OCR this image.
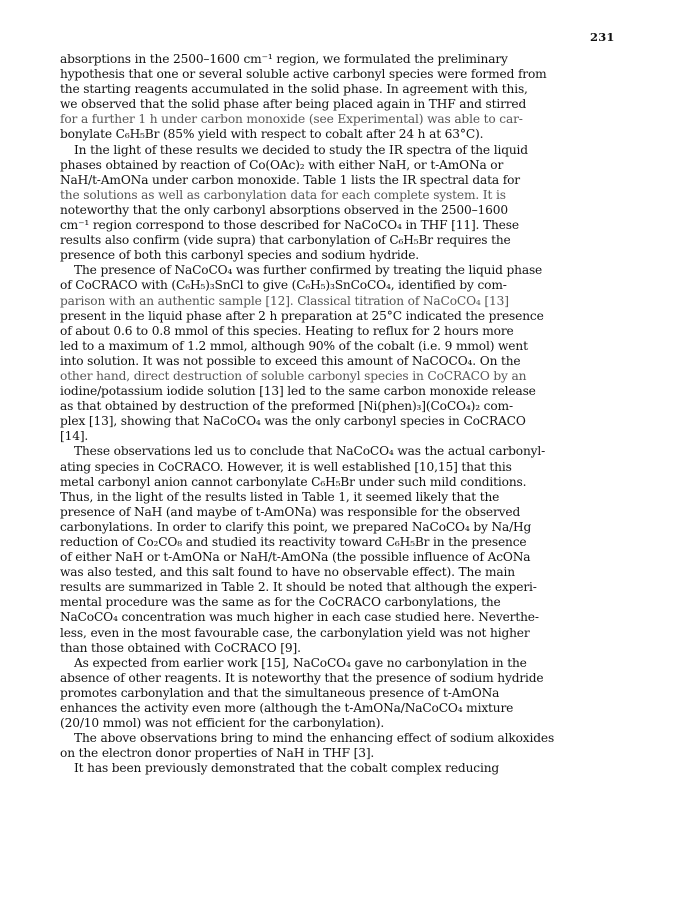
231
absorptions in the 2500–1600 cm⁻¹ region, we formulated the preliminary
hypothesis that one or several soluble active carbonyl species were formed from
the starting reagents accumulated in the solid phase. In agreement with this,
we observed that the solid phase after being placed again in THF and stirred
for a further 1 h under carbon monoxide (see Experimental) was able to car-
bonylate C₆H₅Br (85% yield with respect to cobalt after 24 h at 63°C).
In the light of these results we decided to study the IR spectra of the liquid
phases obtained by reaction of Co(OAc)₂ with either NaH, or t-AmONa or
NaH/t-AmONa under carbon monoxide. Table 1 lists the IR spectral data for
the solutions as well as carbonylation data for each complete system. It is
noteworthy that the only carbonyl absorptions observed in the 2500–1600
cm⁻¹ region correspond to those described for NaCoCO₄ in THF [11]. These
results also confirm (vide supra) that carbonylation of C₆H₅Br requires the
presence of both this carbonyl species and sodium hydride.
The presence of NaCoCO₄ was further confirmed by treating the liquid phase
of CoCRACO with (C₆H₅)₃SnCl to give (C₆H₅)₃SnCoCO₄, identified by com-
parison with an authentic sample [12]. Classical titration of NaCoCO₄ [13]
present in the liquid phase after 2 h preparation at 25°C indicated the presence
of about 0.6 to 0.8 mmol of this species. Heating to reflux for 2 hours more
led to a maximum of 1.2 mmol, although 90% of the cobalt (i.e. 9 mmol) went
into solution. It was not possible to exceed this amount of NaCOCO₄. On the
other hand, direct destruction of soluble carbonyl species in CoCRACO by an
iodine/potassium iodide solution [13] led to the same carbon monoxide release
as that obtained by destruction of the preformed [Ni(phen)₃](CoCO₄)₂ com-
plex [13], showing that NaCoCO₄ was the only carbonyl species in CoCRACO
[14].
These observations led us to conclude that NaCoCO₄ was the actual carbonyl-
ating species in CoCRACO. However, it is well established [10,15] that this
metal carbonyl anion cannot carbonylate C₆H₅Br under such mild conditions.
Thus, in the light of the results listed in Table 1, it seemed likely that the
presence of NaH (and maybe of t-AmONa) was responsible for the observed
carbonylations. In order to clarify this point, we prepared NaCoCO₄ by Na/Hg
reduction of Co₂CO₈ and studied its reactivity toward C₆H₅Br in the presence
of either NaH or t-AmONa or NaH/t-AmONa (the possible influence of AcONa
was also tested, and this salt found to have no observable effect). The main
results are summarized in Table 2. It should be noted that although the experi-
mental procedure was the same as for the CoCRACO carbonylations, the
NaCoCO₄ concentration was much higher in each case studied here. Neverthe-
less, even in the most favourable case, the carbonylation yield was not higher
than those obtained with CoCRACO [9].
As expected from earlier work [15], NaCoCO₄ gave no carbonylation in the
absence of other reagents. It is noteworthy that the presence of sodium hydride
promotes carbonylation and that the simultaneous presence of t-AmONa
enhances the activity even more (although the t-AmONa/NaCoCO₄ mixture
(20/10 mmol) was not efficient for the carbonylation).
The above observations bring to mind the enhancing effect of sodium alkoxides
on the electron donor properties of NaH in THF [3].
It has been previously demonstrated that the cobalt complex reducing
